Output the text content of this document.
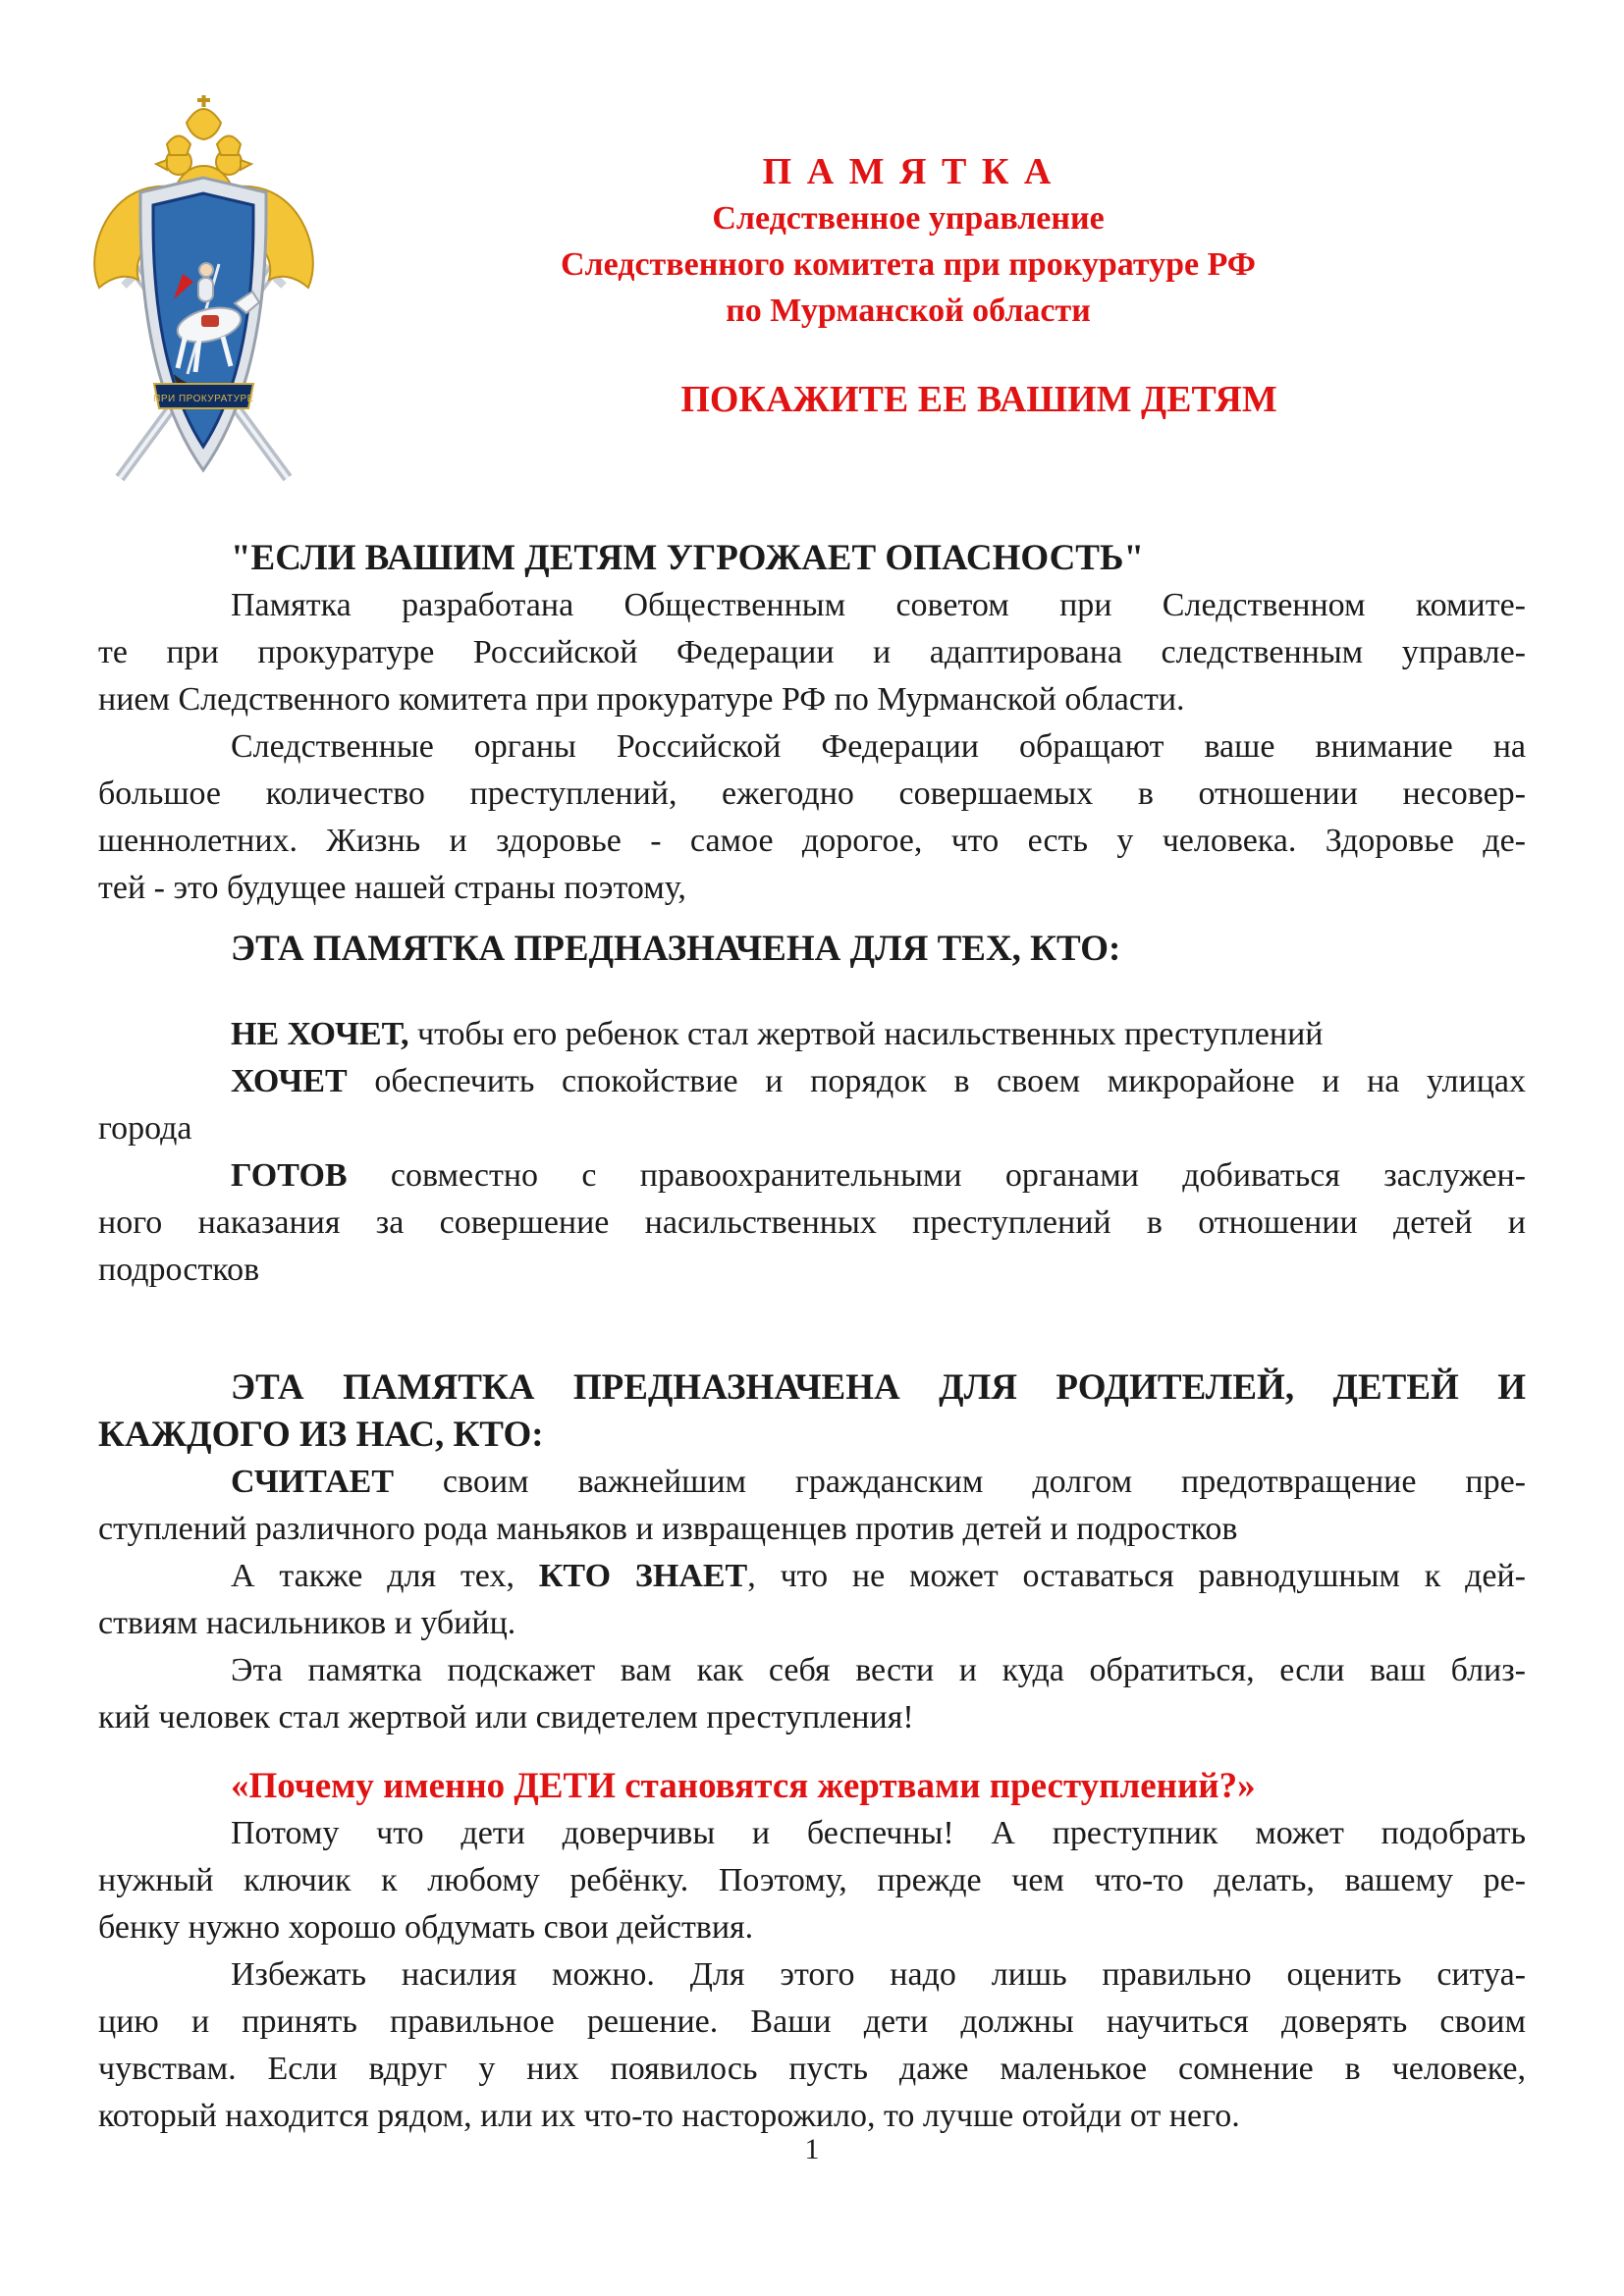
ПРИ ПРОКУРАТУРЕ
П А М Я Т К А
Следственное управление
Следственного комитета при прокуратуре РФ
по Мурманской области
ПОКАЖИТЕ ЕЕ ВАШИМ ДЕТЯМ
"ЕСЛИ ВАШИМ ДЕТЯМ УГРОЖАЕТ ОПАСНОСТЬ"
Памятка разработана Общественным советом при Следственном комите-
те при прокуратуре Российской Федерации и адаптирована следственным управле-
нием Следственного комитета при прокуратуре РФ по Мурманской области.
Следственные органы Российской Федерации обращают ваше внимание на
большое количество преступлений, ежегодно совершаемых в отношении несовер-
шеннолетних. Жизнь и здоровье - самое дорогое, что есть у человека. Здоровье де-
тей - это будущее нашей страны поэтому,
ЭТА ПАМЯТКА ПРЕДНАЗНАЧЕНА ДЛЯ ТЕХ, КТО:
НЕ ХОЧЕТ, чтобы его ребенок стал жертвой насильственных преступлений
ХОЧЕТ обеспечить спокойствие и порядок в своем микрорайоне и на улицах
города
ГОТОВ совместно с правоохранительными органами добиваться заслужен-
ного наказания за совершение насильственных преступлений в отношении детей и
подростков
ЭТА ПАМЯТКА ПРЕДНАЗНАЧЕНА ДЛЯ РОДИТЕЛЕЙ, ДЕТЕЙ И
КАЖДОГО ИЗ НАС, КТО:
СЧИТАЕТ своим важнейшим гражданским долгом предотвращение пре-
ступлений различного рода маньяков и извращенцев против детей и подростков
А также для тех, КТО ЗНАЕТ, что не может оставаться равнодушным к дей-
ствиям насильников и убийц.
Эта памятка подскажет вам как себя вести и куда обратиться, если ваш близ-
кий человек стал жертвой или свидетелем преступления!
«Почему именно ДЕТИ становятся жертвами преступлений?»
Потому что дети доверчивы и беспечны! А преступник может подобрать
нужный ключик к любому ребёнку. Поэтому, прежде чем что-то делать, вашему ре-
бенку нужно хорошо обдумать свои действия.
Избежать насилия можно. Для этого надо лишь правильно оценить ситуа-
цию и принять правильное решение. Ваши дети должны научиться доверять своим
чувствам. Если вдруг у них появилось пусть даже маленькое сомнение в человеке,
который находится рядом, или их что-то насторожило, то лучше отойди от него.
1
